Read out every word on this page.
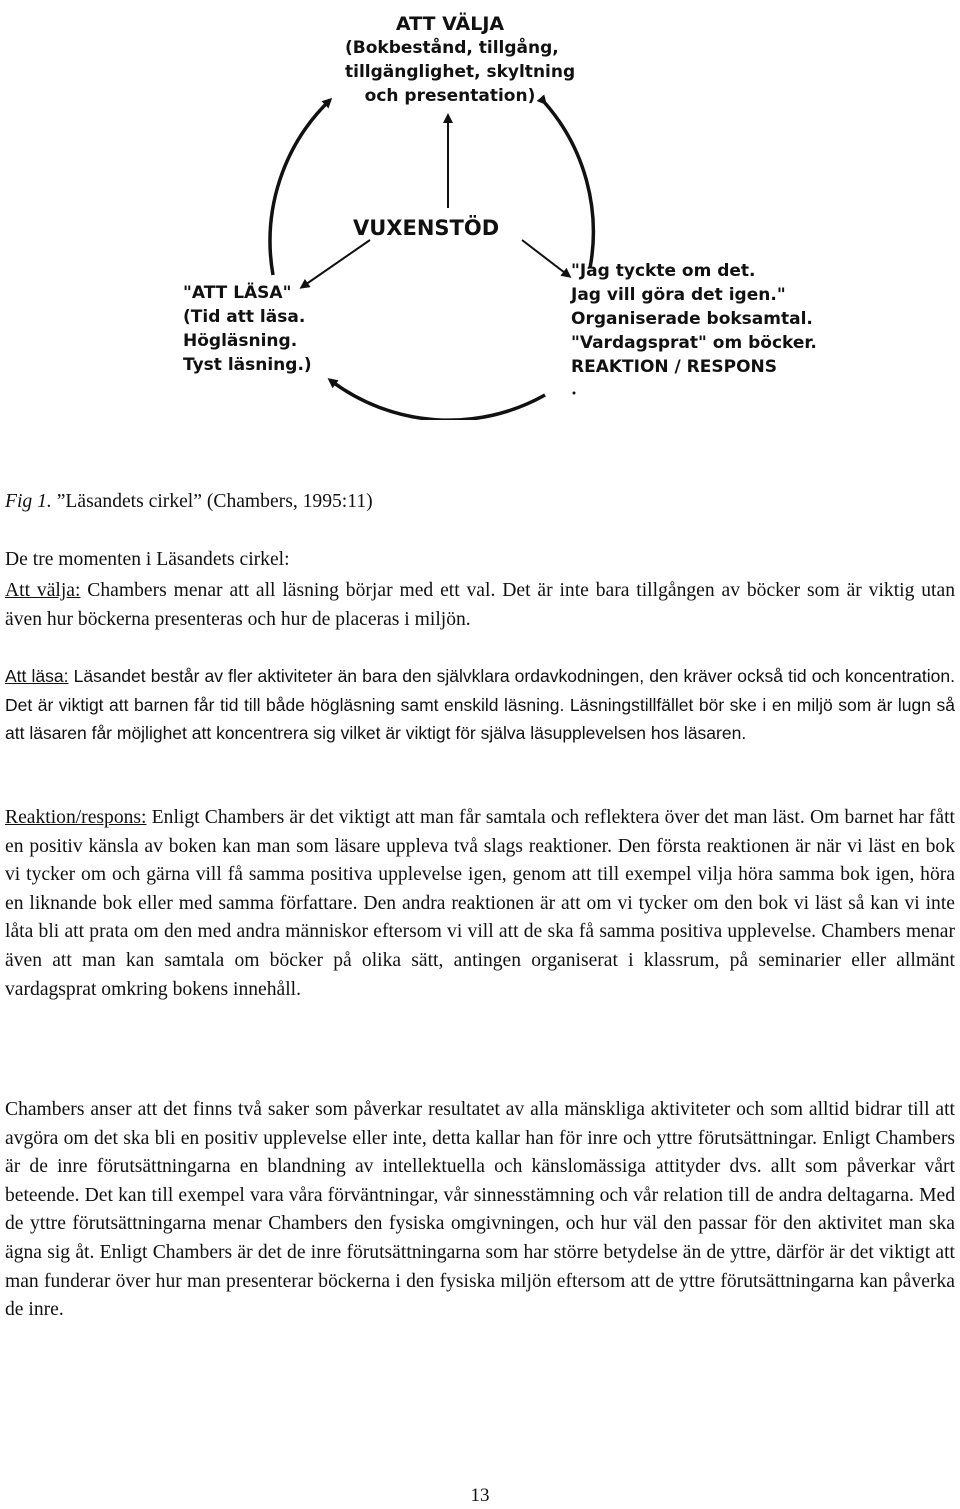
ATT VÄLJA
(Bokbestånd, tillgång,
tillgänglighet, skyltning
och presentation)
VUXENSTÖD
"ATT LÄSA"
(Tid att läsa.
Högläsning.
Tyst läsning.)
"Jag tyckte om det.
Jag vill göra det igen."
Organiserade boksamtal.
"Vardagsprat" om böcker.
REAKTION / RESPONS

Fig 1. ”Läsandets cirkel” (Chambers, 1995:11)

De tre momenten i Läsandets cirkel:

Att välja: Chambers menar att all läsning börjar med ett val. Det är inte bara tillgången av böcker som är viktig utan även hur böckerna presenteras och hur de placeras i miljön.

Att läsa: Läsandet består av fler aktiviteter än bara den självklara ordavkodningen, den kräver också tid och koncentration. Det är viktigt att barnen får tid till både högläsning samt enskild läsning. Läsningstillfället bör ske i en miljö som är lugn så att läsaren får möjlighet att koncentrera sig vilket är viktigt för själva läsupplevelsen hos läsaren.

Reaktion/respons: Enligt Chambers är det viktigt att man får samtala och reflektera över det man läst. Om barnet har fått en positiv känsla av boken kan man som läsare uppleva två slags reaktioner. Den första reaktionen är när vi läst en bok vi tycker om och gärna vill få samma positiva upplevelse igen, genom att till exempel vilja höra samma bok igen, höra en liknande bok eller med samma författare. Den andra reaktionen är att om vi tycker om den bok vi läst så kan vi inte låta bli att prata om den med andra människor eftersom vi vill att de ska få samma positiva upplevelse. Chambers menar även att man kan samtala om böcker på olika sätt, antingen organiserat i klassrum, på seminarier eller allmänt vardagsprat omkring bokens innehåll.

Chambers anser att det finns två saker som påverkar resultatet av alla mänskliga aktiviteter och som alltid bidrar till att avgöra om det ska bli en positiv upplevelse eller inte, detta kallar han för inre och yttre förutsättningar. Enligt Chambers är de inre förutsättningarna en blandning av intellektuella och känslomässiga attityder dvs. allt som påverkar vårt beteende. Det kan till exempel vara våra förväntningar, vår sinnesstämning och vår relation till de andra deltagarna. Med de yttre förutsättningarna menar Chambers den fysiska omgivningen, och hur väl den passar för den aktivitet man ska ägna sig åt. Enligt Chambers är det de inre förutsättningarna som har större betydelse än de yttre, därför är det viktigt att man funderar över hur man presenterar böckerna i den fysiska miljön eftersom att de yttre förutsättningarna kan påverka de inre.

13
